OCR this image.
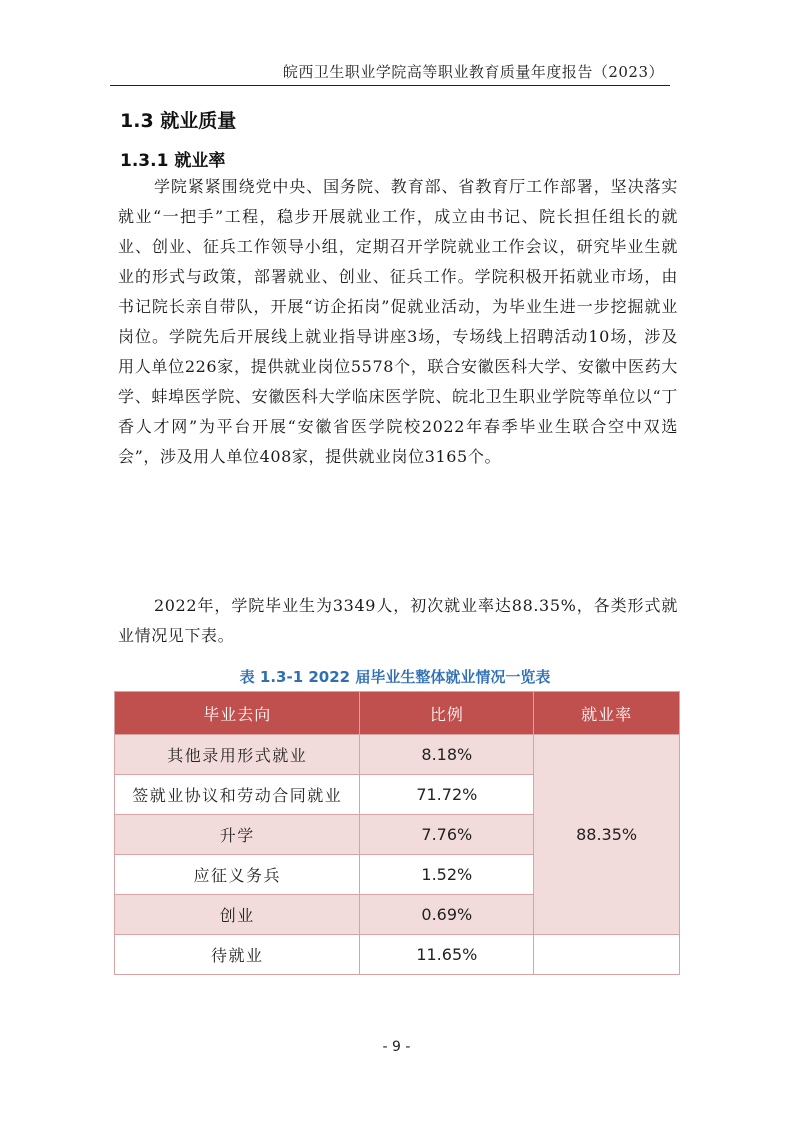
皖西卫生职业学院高等职业教育质量年度报告（2023）
1.3 就业质量
1.3.1 就业率

学院紧紧围绕党中央、国务院、教育部、省教育厅工作部署，坚决落实就业“一把手”工程，稳步开展就业工作，成立由书记、院长担任组长的就业、创业、征兵工作领导小组，定期召开学院就业工作会议，研究毕业生就业的形式与政策，部署就业、创业、征兵工作。学院积极开拓就业市场，由书记院长亲自带队，开展“访企拓岗”促就业活动，为毕业生进一步挖掘就业岗位。学院先后开展线上就业指导讲座3场，专场线上招聘活动10场，涉及用人单位226家，提供就业岗位5578个，联合安徽医科大学、安徽中医药大学、蚌埠医学院、安徽医科大学临床医学院、皖北卫生职业学院等单位以“丁香人才网”为平台开展“安徽省医学院校2022年春季毕业生联合空中双选会”，涉及用人单位408家，提供就业岗位3165个。

2022年，学院毕业生为3349人，初次就业率达88.35%，各类形式就业情况见下表。

表 1.3-1 2022 届毕业生整体就业情况一览表
毕业去向	比例	就业率
其他录用形式就业	8.18%	88.35%
签就业协议和劳动合同就业	71.72%	
升学	7.76%	
应征义务兵	1.52%	
创业	0.69%	
待就业	11.65%	
- 9 -
